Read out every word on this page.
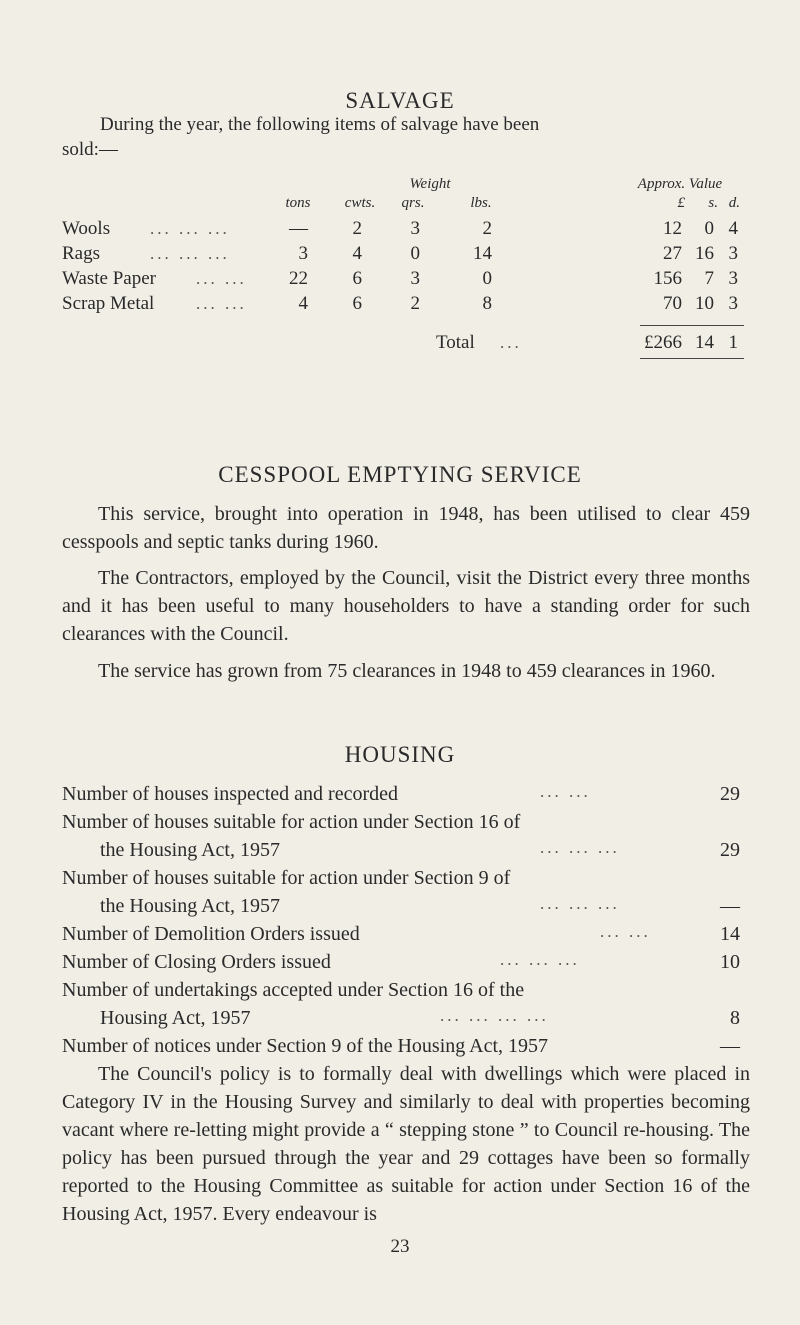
SALVAGE
During the year, the following items of salvage have been
sold:—
Weight	Approx. Value
tons	cwts.	qrs.	lbs.	£	s. d.
Wools ... ... ...	—	2	3	2	12	0 4
Rags	... ... ...	3	4	0	14	27 16 3
Waste Paper ... ...	22	6	3	0	156	7 3
Scrap Metal ... ...	4	6	2	8	70 10 3
Total ...	£266 14 1
CESSPOOL EMPTYING SERVICE
This service, brought into operation in 1948, has been utilised to clear 459 cesspools and septic tanks during 1960.
The Contractors, employed by the Council, visit the District every three months and it has been useful to many householders to have a standing order for such clearances with the Council.
The service has grown from 75 clearances in 1948 to 459 clearances in 1960.
HOUSING
Number of houses inspected and recorded	... ...	29
Number of houses suitable for action under Section 16 of
the Housing Act, 1957	... ... ...	29
Number of houses suitable for action under Section 9 of
the Housing Act, 1957	... ... ...	—
Number of Demolition Orders issued	... ...	14
Number of Closing Orders issued	... ... ...	10
Number of undertakings accepted under Section 16 of the
Housing Act, 1957	... ... ... ...	8
Number of notices under Section 9 of the Housing Act, 1957	—
The Council's policy is to formally deal with dwellings which were placed in Category IV in the Housing Survey and similarly to deal with properties becoming vacant where re-letting might provide a “ stepping stone ” to Council re-housing. The policy has been pursued through the year and 29 cottages have been so formally reported to the Housing Committee as suitable for action under Section 16 of the Housing Act, 1957. Every endeavour is
23
